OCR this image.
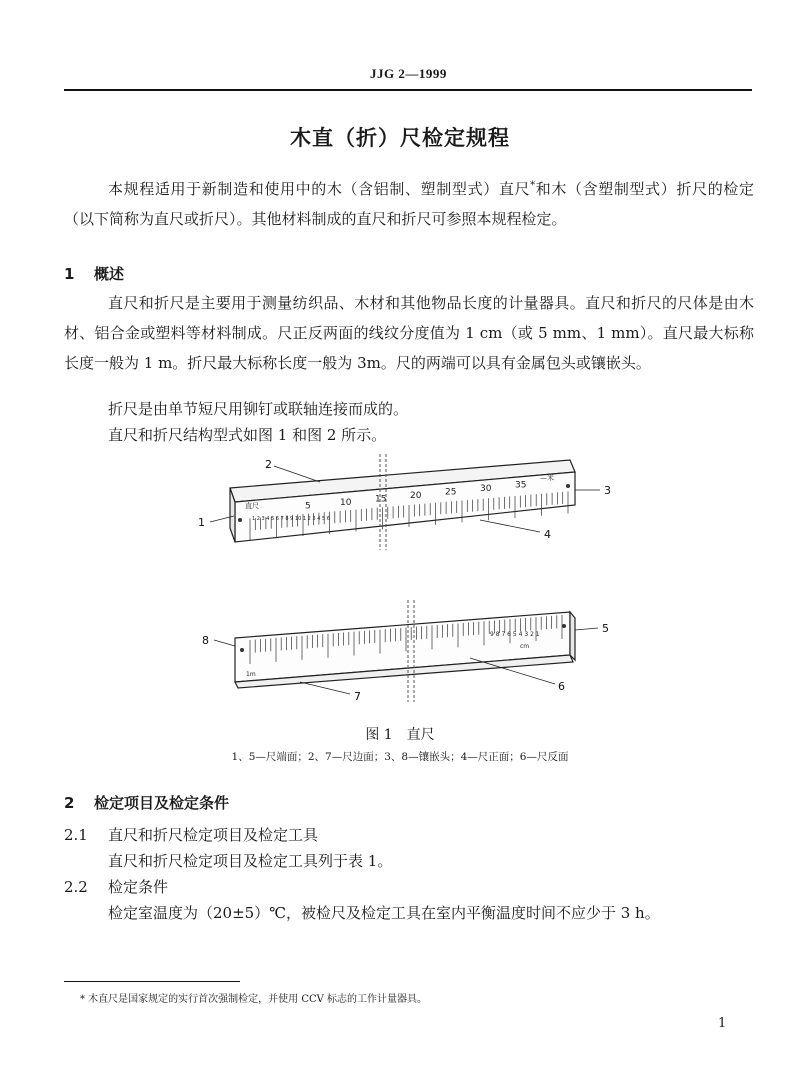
JJG 2—1999
木直（折）尺检定规程
本规程适用于新制造和使用中的木（含铝制、塑制型式）直尺*和木（含塑制型式）折尺的检定（以下简称为直尺或折尺）。其他材料制成的直尺和折尺可参照本规程检定。
1 概述
直尺和折尺是主要用于测量纺织品、木材和其他物品长度的计量器具。直尺和折尺的尺体是由木材、铝合金或塑料等材料制成。尺正反两面的线纹分度值为 1 cm（或 5 mm、1 mm）。直尺最大标称长度一般为 1 m。折尺最大标称长度一般为 3m。尺的两端可以具有金属包头或镶嵌头。
折尺是由单节短尺用铆钉或联轴连接而成的。
直尺和折尺结构型式如图 1 和图 2 所示。
直尺
1 2 3 4 5 6 7 8 9 10 1 2 3 4 5 6
—米
5	10	15	20	25	30	35
1m
cm
9 8 7 6 5 4 3 2 1
1
2
3
4
5
6
7
8
图 1　直尺
1、5—尺端面；2、7—尺边面；3、8—镶嵌头；4—尺正面；6—尺反面
2 检定项目及检定条件
2.1 直尺和折尺检定项目及检定工具
直尺和折尺检定项目及检定工具列于表 1。
2.2 检定条件
检定室温度为（20±5）℃，被检尺及检定工具在室内平衡温度时间不应少于 3 h。
* 木直尺是国家规定的实行首次强制检定，并使用 CCV 标志的工作计量器具。
1
